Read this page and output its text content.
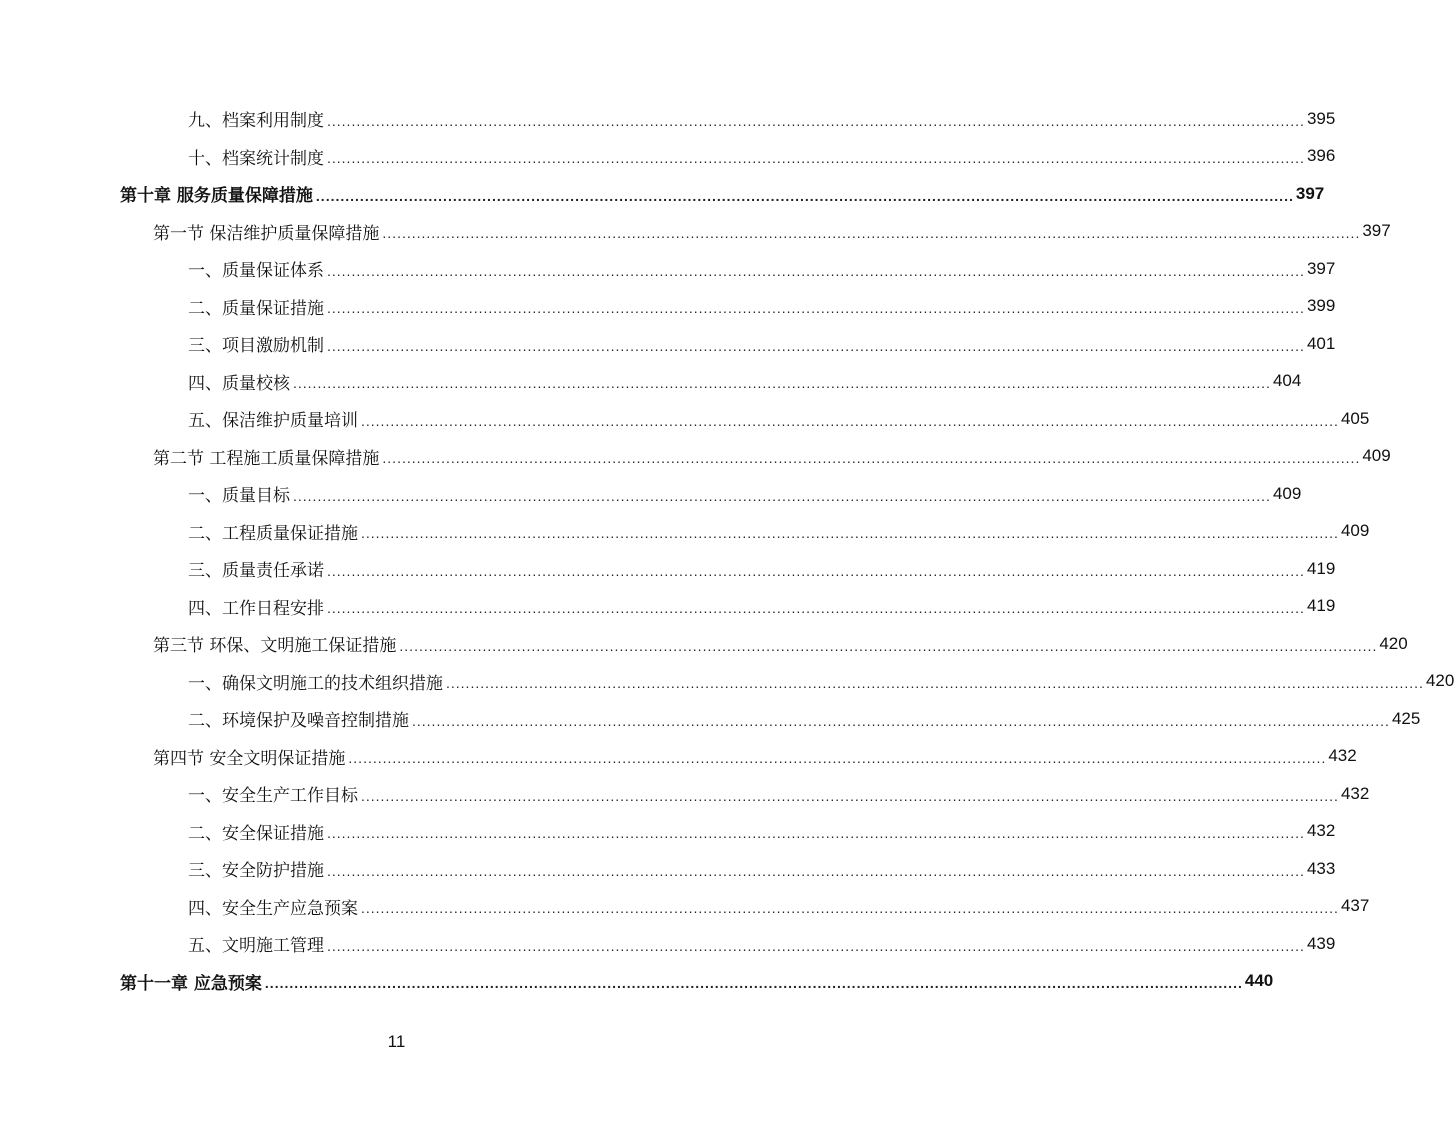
九、档案利用制度 ........................................................................................................................................................................................................ 395
十、档案统计制度 ........................................................................................................................................................................................................ 396
第十章 服务质量保障措施 ........................................................................................................................................................................................................ 397
第一节 保洁维护质量保障措施 ........................................................................................................................................................................................................ 397
一、质量保证体系 ........................................................................................................................................................................................................ 397
二、质量保证措施 ........................................................................................................................................................................................................ 399
三、项目激励机制 ........................................................................................................................................................................................................ 401
四、质量校核 ........................................................................................................................................................................................................ 404
五、保洁维护质量培训 ........................................................................................................................................................................................................ 405
第二节 工程施工质量保障措施 ........................................................................................................................................................................................................ 409
一、质量目标 ........................................................................................................................................................................................................ 409
二、工程质量保证措施 ........................................................................................................................................................................................................ 409
三、质量责任承诺 ........................................................................................................................................................................................................ 419
四、工作日程安排 ........................................................................................................................................................................................................ 419
第三节 环保、文明施工保证措施 ........................................................................................................................................................................................................ 420
一、确保文明施工的技术组织措施 ........................................................................................................................................................................................................ 420
二、环境保护及噪音控制措施 ........................................................................................................................................................................................................ 425
第四节 安全文明保证措施 ........................................................................................................................................................................................................ 432
一、安全生产工作目标 ........................................................................................................................................................................................................ 432
二、安全保证措施 ........................................................................................................................................................................................................ 432
三、安全防护措施 ........................................................................................................................................................................................................ 433
四、安全生产应急预案 ........................................................................................................................................................................................................ 437
五、文明施工管理 ........................................................................................................................................................................................................ 439
第十一章 应急预案 ........................................................................................................................................................................................................ 440
11
